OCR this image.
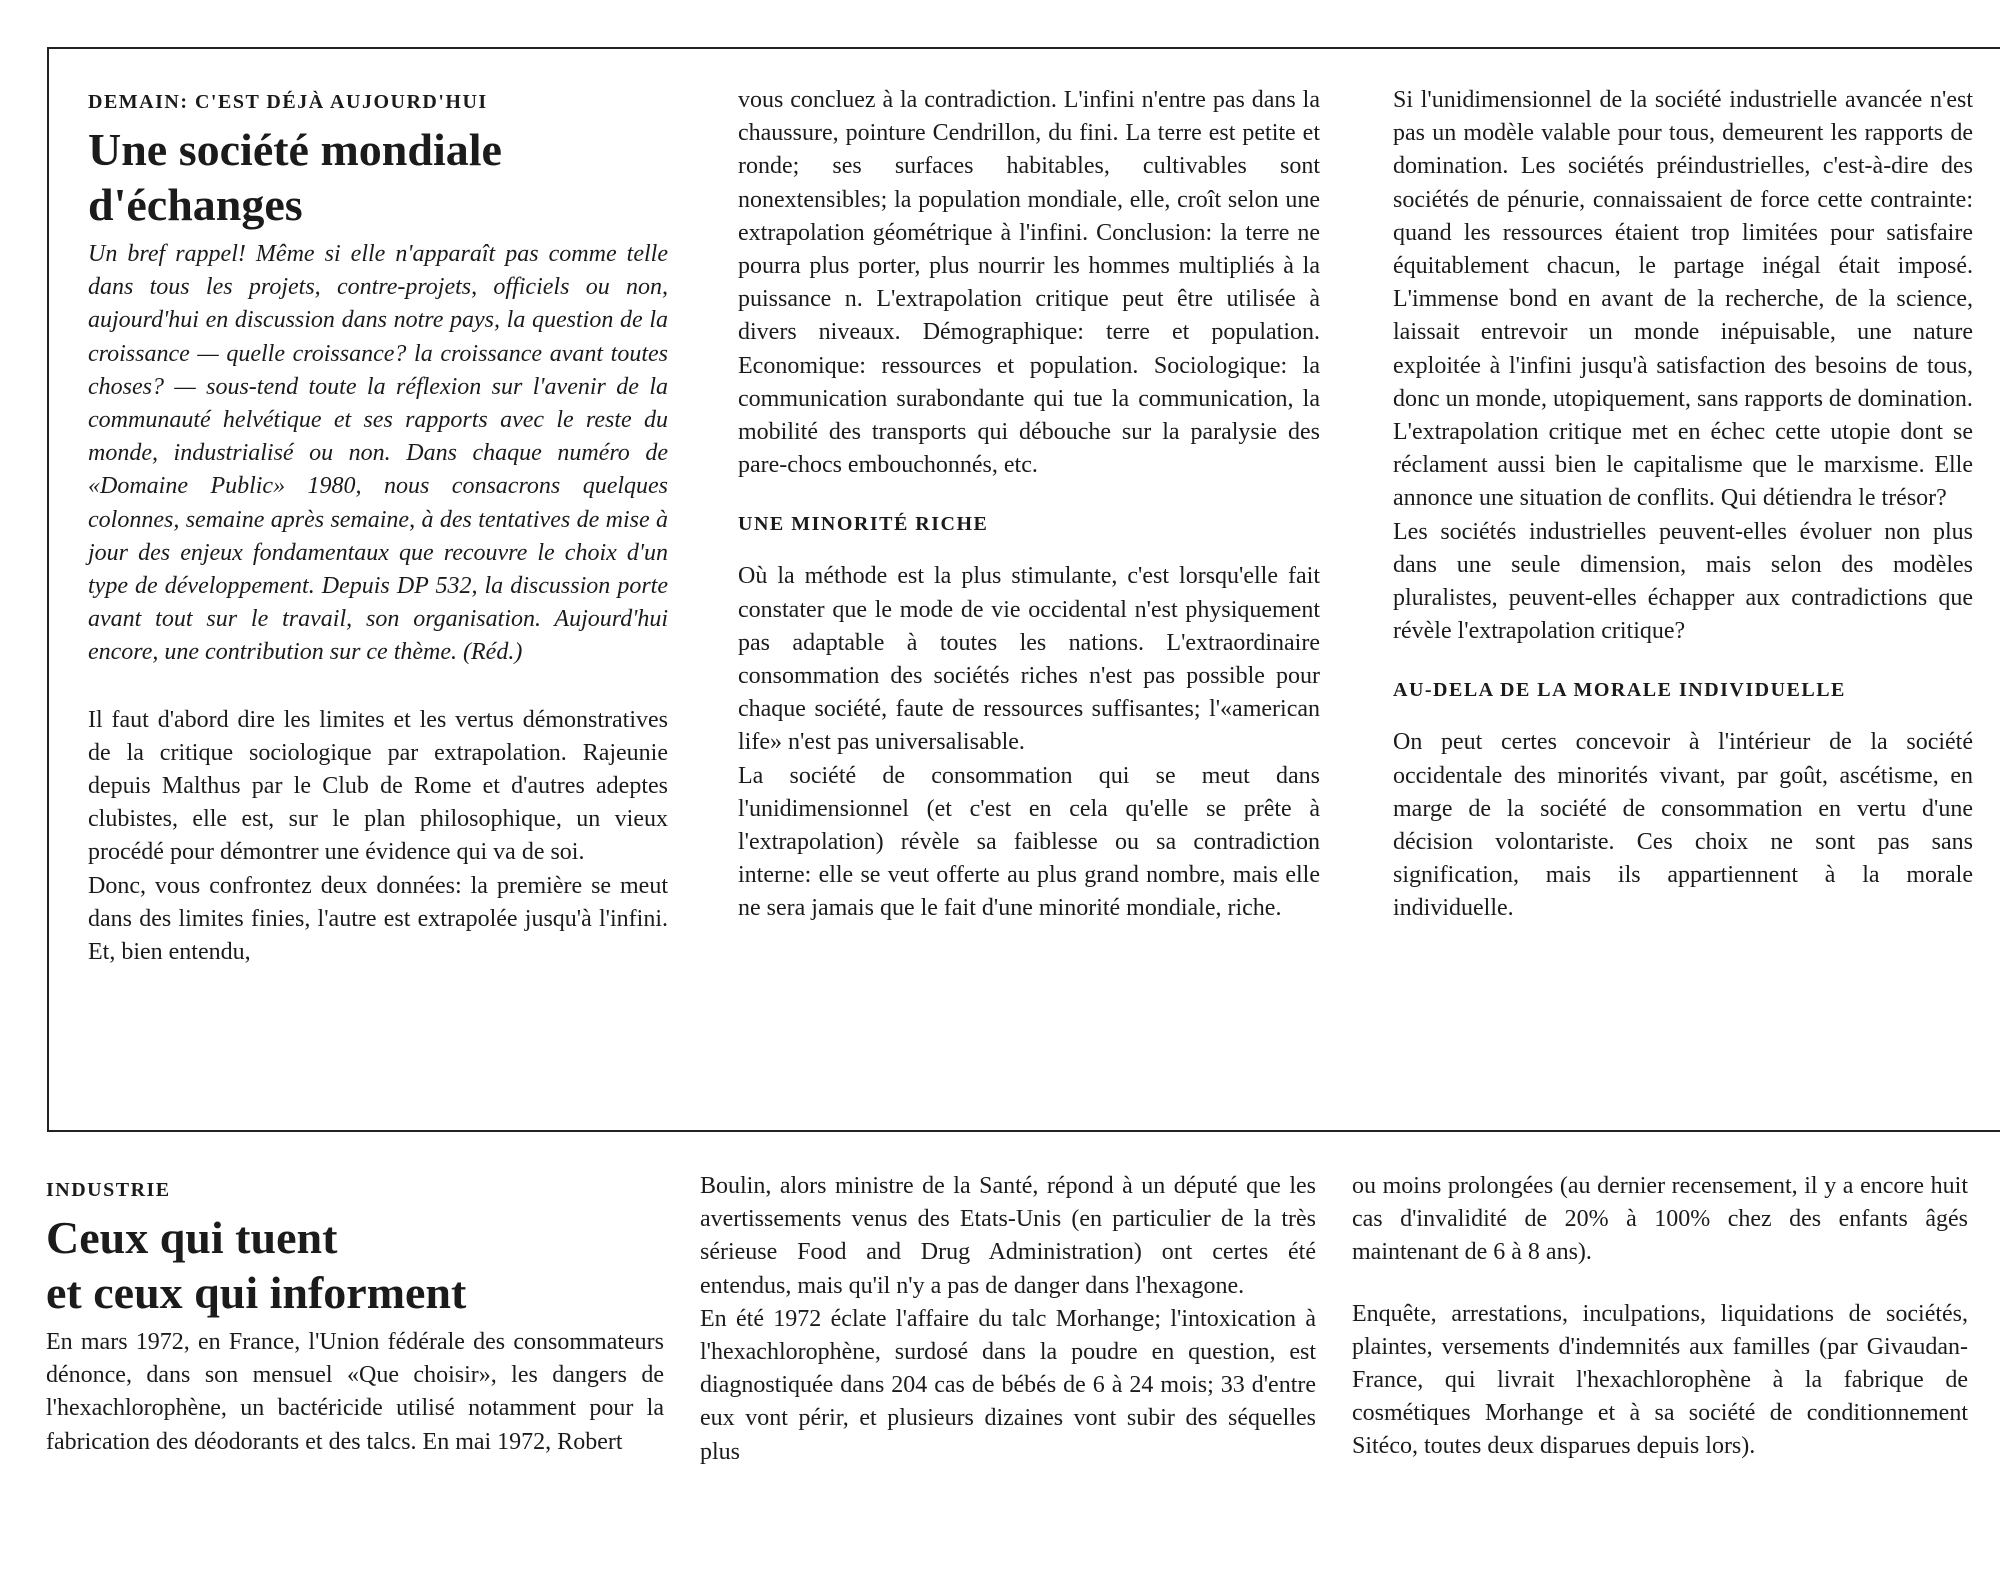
DEMAIN: C'EST DÉJÀ AUJOURD'HUI

Une société mondiale

d'échanges

Un bref rappel! Même si elle n'apparaît pas comme telle dans tous les projets, contre-projets, officiels ou non, aujourd'hui en discussion dans notre pays, la question de la croissance — quelle croissance? la croissance avant toutes choses? — sous-tend toute la réflexion sur l'avenir de la communauté helvétique et ses rapports avec le reste du monde, industrialisé ou non. Dans chaque numéro de «Domaine Public» 1980, nous consacrons quelques colonnes, semaine après semaine, à des tentatives de mise à jour des enjeux fondamentaux que recouvre le choix d'un type de développement. Depuis DP 532, la discussion porte avant tout sur le travail, son organisation. Aujourd'hui encore, une contribution sur ce thème. (Réd.)

Il faut d'abord dire les limites et les vertus démonstratives de la critique sociologique par extrapolation. Rajeunie depuis Malthus par le Club de Rome et d'autres adeptes clubistes, elle est, sur le plan philosophique, un vieux procédé pour démontrer une évidence qui va de soi.

Donc, vous confrontez deux données: la première se meut dans des limites finies, l'autre est extrapolée jusqu'à l'infini. Et, bien entendu,

vous concluez à la contradiction. L'infini n'entre pas dans la chaussure, pointure Cendrillon, du fini. La terre est petite et ronde; ses surfaces habitables, cultivables sont nonextensibles; la population mondiale, elle, croît selon une extrapolation géométrique à l'infini. Conclusion: la terre ne pourra plus porter, plus nourrir les hommes multipliés à la puissance n. L'extrapolation critique peut être utilisée à divers niveaux. Démographique: terre et population. Economique: ressources et population. Sociologique: la communication surabondante qui tue la communication, la mobilité des transports qui débouche sur la paralysie des pare-chocs embouchonnés, etc.

UNE MINORITÉ RICHE

Où la méthode est la plus stimulante, c'est lorsqu'elle fait constater que le mode de vie occidental n'est physiquement pas adaptable à toutes les nations. L'extraordinaire consommation des sociétés riches n'est pas possible pour chaque société, faute de ressources suffisantes; l'«american life» n'est pas universalisable.

La société de consommation qui se meut dans l'unidimensionnel (et c'est en cela qu'elle se prête à l'extrapolation) révèle sa faiblesse ou sa contradiction interne: elle se veut offerte au plus grand nombre, mais elle ne sera jamais que le fait d'une minorité mondiale, riche.

Si l'unidimensionnel de la société industrielle avancée n'est pas un modèle valable pour tous, demeurent les rapports de domination. Les sociétés préindustrielles, c'est-à-dire des sociétés de pénurie, connaissaient de force cette contrainte: quand les ressources étaient trop limitées pour satisfaire équitablement chacun, le partage inégal était imposé. L'immense bond en avant de la recherche, de la science, laissait entrevoir un monde inépuisable, une nature exploitée à l'infini jusqu'à satisfaction des besoins de tous, donc un monde, utopiquement, sans rapports de domination.

L'extrapolation critique met en échec cette utopie dont se réclament aussi bien le capitalisme que le marxisme. Elle annonce une situation de conflits. Qui détiendra le trésor?

Les sociétés industrielles peuvent-elles évoluer non plus dans une seule dimension, mais selon des modèles pluralistes, peuvent-elles échapper aux contradictions que révèle l'extrapolation critique?

AU-DELA DE LA MORALE INDIVIDUELLE

On peut certes concevoir à l'intérieur de la société occidentale des minorités vivant, par goût, ascétisme, en marge de la société de consommation en vertu d'une décision volontariste. Ces choix ne sont pas sans signification, mais ils appartiennent à la morale individuelle.

INDUSTRIE

Ceux qui tuent

et ceux qui informent

En mars 1972, en France, l'Union fédérale des consommateurs dénonce, dans son mensuel «Que choisir», les dangers de l'hexachlorophène, un bactéricide utilisé notamment pour la fabrication des déodorants et des talcs. En mai 1972, Robert

Boulin, alors ministre de la Santé, répond à un député que les avertissements venus des Etats-Unis (en particulier de la très sérieuse Food and Drug Administration) ont certes été entendus, mais qu'il n'y a pas de danger dans l'hexagone.

En été 1972 éclate l'affaire du talc Morhange; l'intoxication à l'hexachlorophène, surdosé dans la poudre en question, est diagnostiquée dans 204 cas de bébés de 6 à 24 mois; 33 d'entre eux vont périr, et plusieurs dizaines vont subir des séquelles plus

ou moins prolongées (au dernier recensement, il y a encore huit cas d'invalidité de 20% à 100% chez des enfants âgés maintenant de 6 à 8 ans).

Enquête, arrestations, inculpations, liquidations de sociétés, plaintes, versements d'indemnités aux familles (par Givaudan-France, qui livrait l'hexachlorophène à la fabrique de cosmétiques Morhange et à sa société de conditionnement Sitéco, toutes deux disparues depuis lors).
